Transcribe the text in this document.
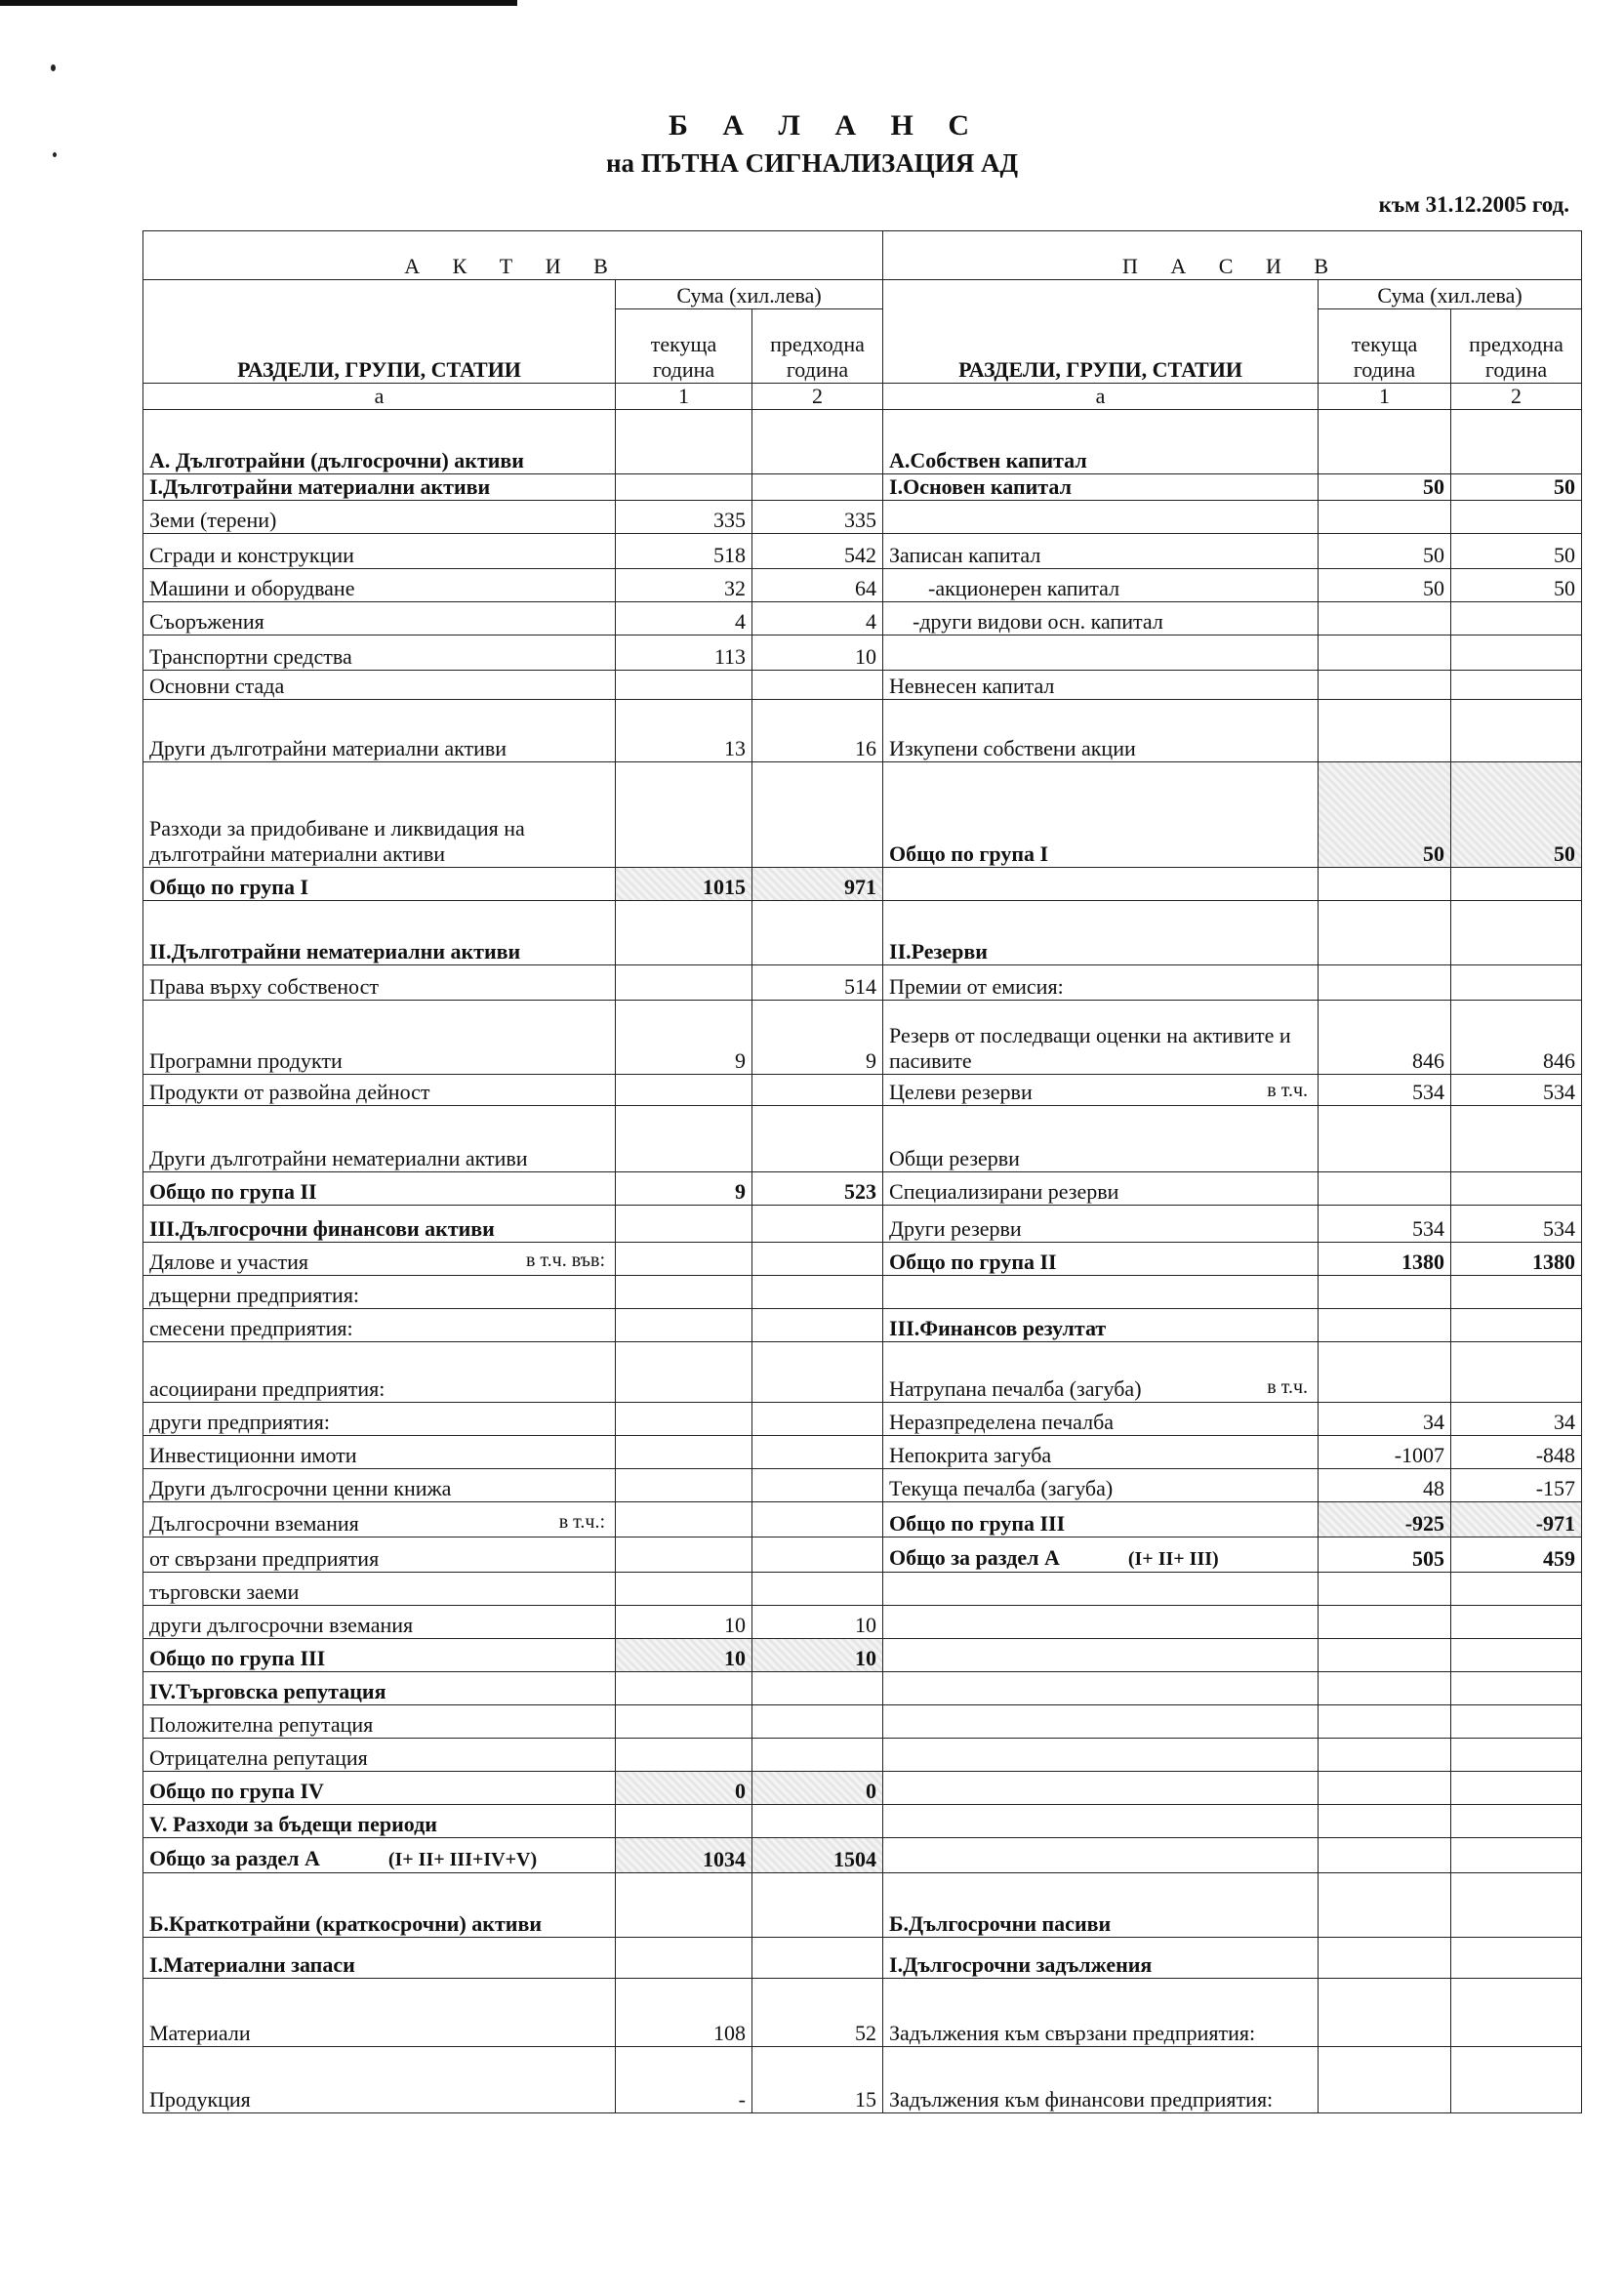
Б А Л А Н С
на ПЪТНА СИГНАЛИЗАЦИЯ АД
към 31.12.2005 год.
А К Т И В			П А С И В		
РАЗДЕЛИ, ГРУПИ, СТАТИИ	Сума (хил.лева)		РАЗДЕЛИ, ГРУПИ, СТАТИИ	Сума (хил.лева)	
	текуща година	предходна година		текуща година	предходна година
а	1	2	а	1	2
А. Дълготрайни (дългосрочни) активи			А.Собствен капитал		
I.Дълготрайни материални активи			I.Основен капитал	50	50
Земи (терени)	335	335			
Сгради и конструкции	518	542	Записан капитал	50	50
Машини и оборудване	32	64	-акционерен капитал	50	50
Съоръжения	4	4	-други видови осн. капитал		
Транспортни средства	113	10			
Основни стада			Невнесен капитал		
Други дълготрайни материални активи	13	16	Изкупени собствени акции		
Разходи за придобиване и ликвидация на дълготрайни материални активи			Общо по група I	50	50
Общо по група I	1015	971			
II.Дълготрайни нематериални активи			II.Резерви		
Права върху собственост		514	Премии от емисия:		
Програмни продукти	9	9	Резерв от последващи оценки на активите и пасивите	846	846
Продукти от развойна дейност			Целеви резерви в т.ч.	534	534
Други дълготрайни нематериални активи			Общи резерви		
Общо по група II	9	523	Специализирани резерви		
III.Дългосрочни финансови активи			Други резерви	534	534
Дялове и участия в т.ч. във:			Общо по група II	1380	1380
дъщерни предприятия:					
смесени предприятия:			III.Финансов резултат		
асоциирани предприятия:			Натрупана печалба (загуба) в т.ч.		

други предприятия:			Неразпределена печалба	34	34
Инвестиционни имоти			Непокрита загуба	-1007	-848
Други дългосрочни ценни книжа			Текуща печалба (загуба)	48	-157
Дългосрочни вземания в т.ч.:			Общо по група III	-925	-971
от свързани предприятия			Общо за раздел А (I+ II+ III)	505	459
търговски заеми					
други дългосрочни вземания	10	10			
Общо по група III	10	10			
IV.Търговска репутация					
Положителна репутация					
Отрицателна репутация					
Общо по група IV	0	0			
V. Разходи за бъдещи периоди					
Общо за раздел А (I+ II+ III+IV+V)	1034	1504			
Б.Краткотрайни (краткосрочни) активи			Б.Дългосрочни пасиви		
I.Материални запаси			I.Дългосрочни задължения		
Материали	108	52	Задължения към свързани предприятия:		
Продукция	-	15	Задължения към финансови предприятия:		
